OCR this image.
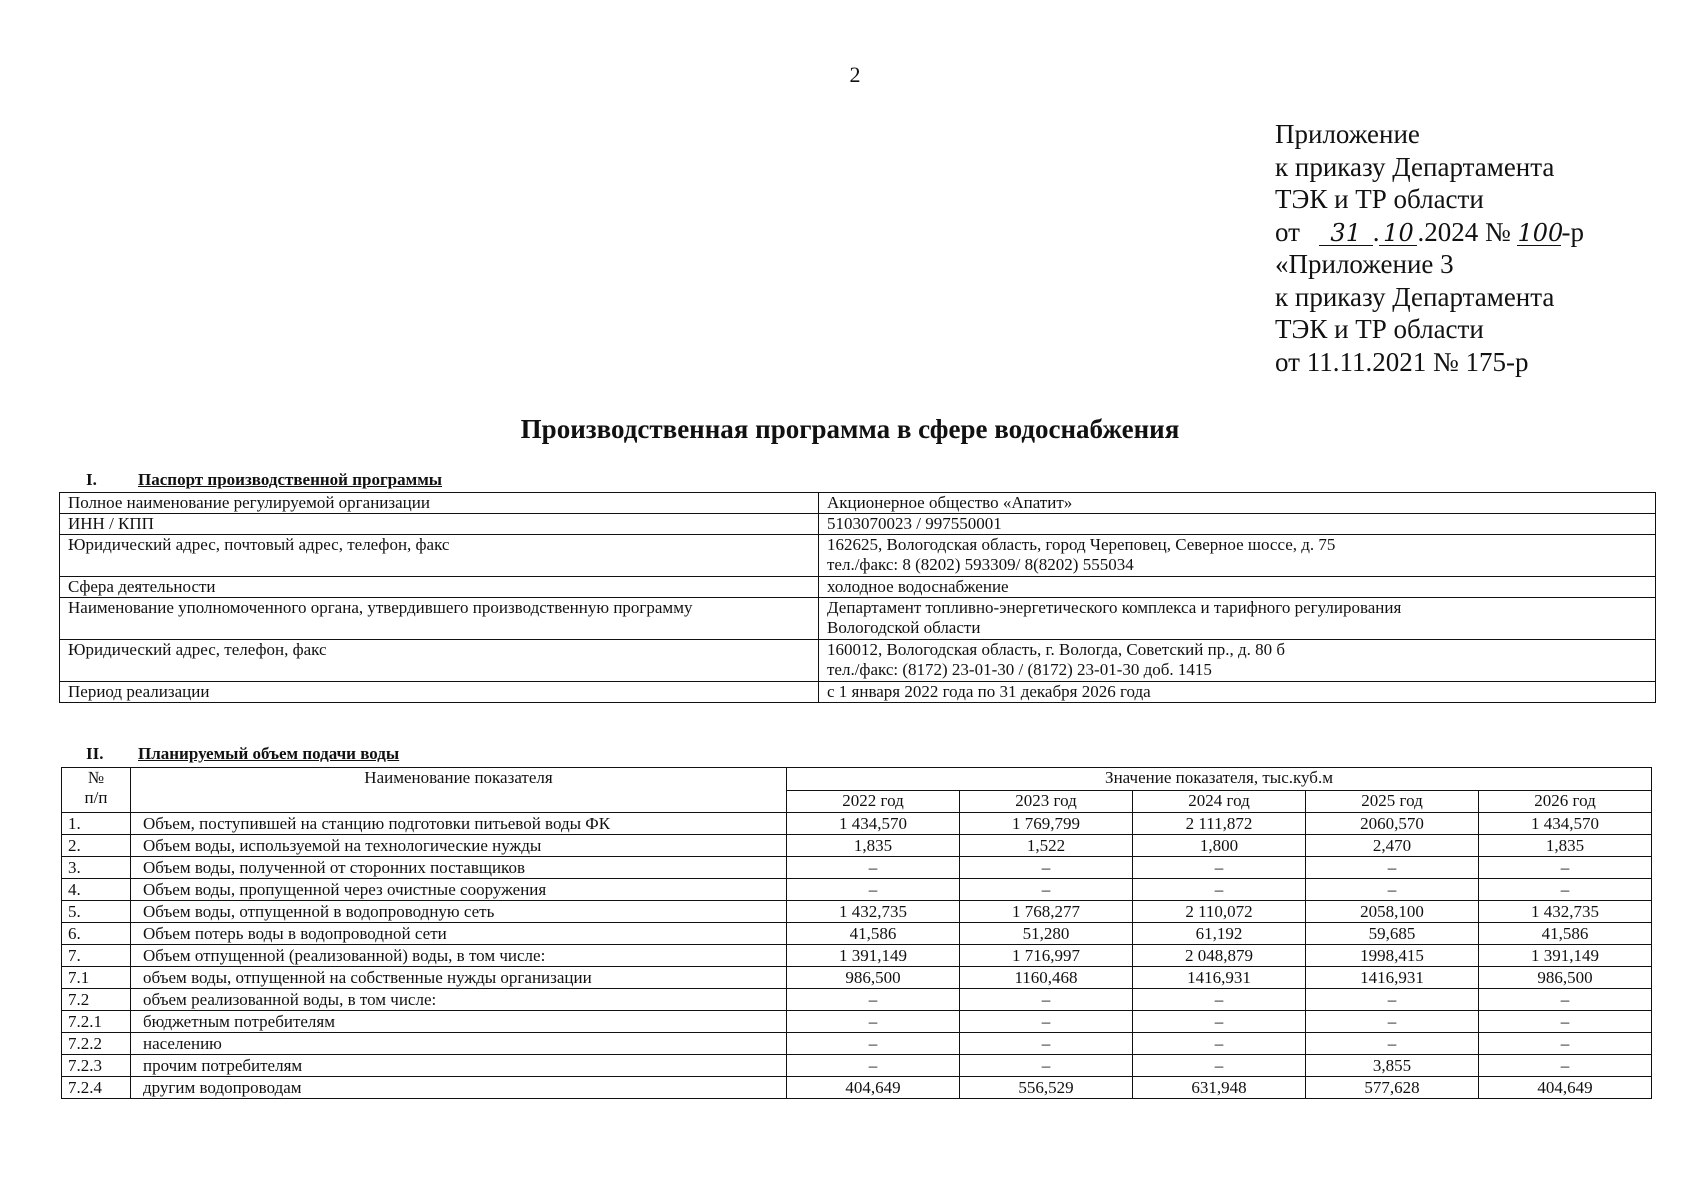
2
Приложение
к приказу Департамента
ТЭК и ТР области
от 31 . 10 .2024 № 100-р
«Приложение 3
к приказу Департамента
ТЭК и ТР области
от 11.11.2021 № 175-р
Производственная программа в сфере водоснабжения
I. Паспорт производственной программы
Полное наименование регулируемой организации	Акционерное общество «Апатит»

ИНН / КПП	5103070023 / 997550001

Юридический адрес, почтовый адрес, телефон, факс	162625, Вологодская область, город Череповец, Северное шоссе, д. 75
тел./факс: 8 (8202) 593309/ 8(8202) 555034

Сфера деятельности	холодное водоснабжение

Наименование уполномоченного органа, утвердившего производственную программу	Департамент топливно-энергетического комплекса и тарифного регулирования
Вологодской области

Юридический адрес, телефон, факс	160012, Вологодская область, г. Вологда, Советский пр., д. 80 б
тел./факс: (8172) 23-01-30 / (8172) 23-01-30 доб. 1415

Период реализации	с 1 января 2022 года по 31 декабря 2026 года
II. Планируемый объем подачи воды
№
п/п	Наименование показателя	Значение показателя, тыс.куб.м				
		2022 год	2023 год	2024 год	2025 год	2026 год
1.	Объем, поступившей на станцию подготовки питьевой воды ФК	1 434,570	1 769,799	2 111,872	2060,570	1 434,570
2.	Объем воды, используемой на технологические нужды	1,835	1,522	1,800	2,470	1,835
3.	Объем воды, полученной от сторонних поставщиков	–	–	–	–	–
4.	Объем воды, пропущенной через очистные сооружения	–	–	–	–	–
5.	Объем воды, отпущенной в водопроводную сеть	1 432,735	1 768,277	2 110,072	2058,100	1 432,735
6.	Объем потерь воды в водопроводной сети	41,586	51,280	61,192	59,685	41,586
7.	Объем отпущенной (реализованной) воды, в том числе:	1 391,149	1 716,997	2 048,879	1998,415	1 391,149
7.1	объем воды, отпущенной на собственные нужды организации	986,500	1160,468	1416,931	1416,931	986,500
7.2	объем реализованной воды, в том числе:	–	–	–	–	–
7.2.1	бюджетным потребителям	–	–	–	–	–
7.2.2	населению	–	–	–	–	–
7.2.3	прочим потребителям	–	–	–	3,855	–
7.2.4	другим водопроводам	404,649	556,529	631,948	577,628	404,649
